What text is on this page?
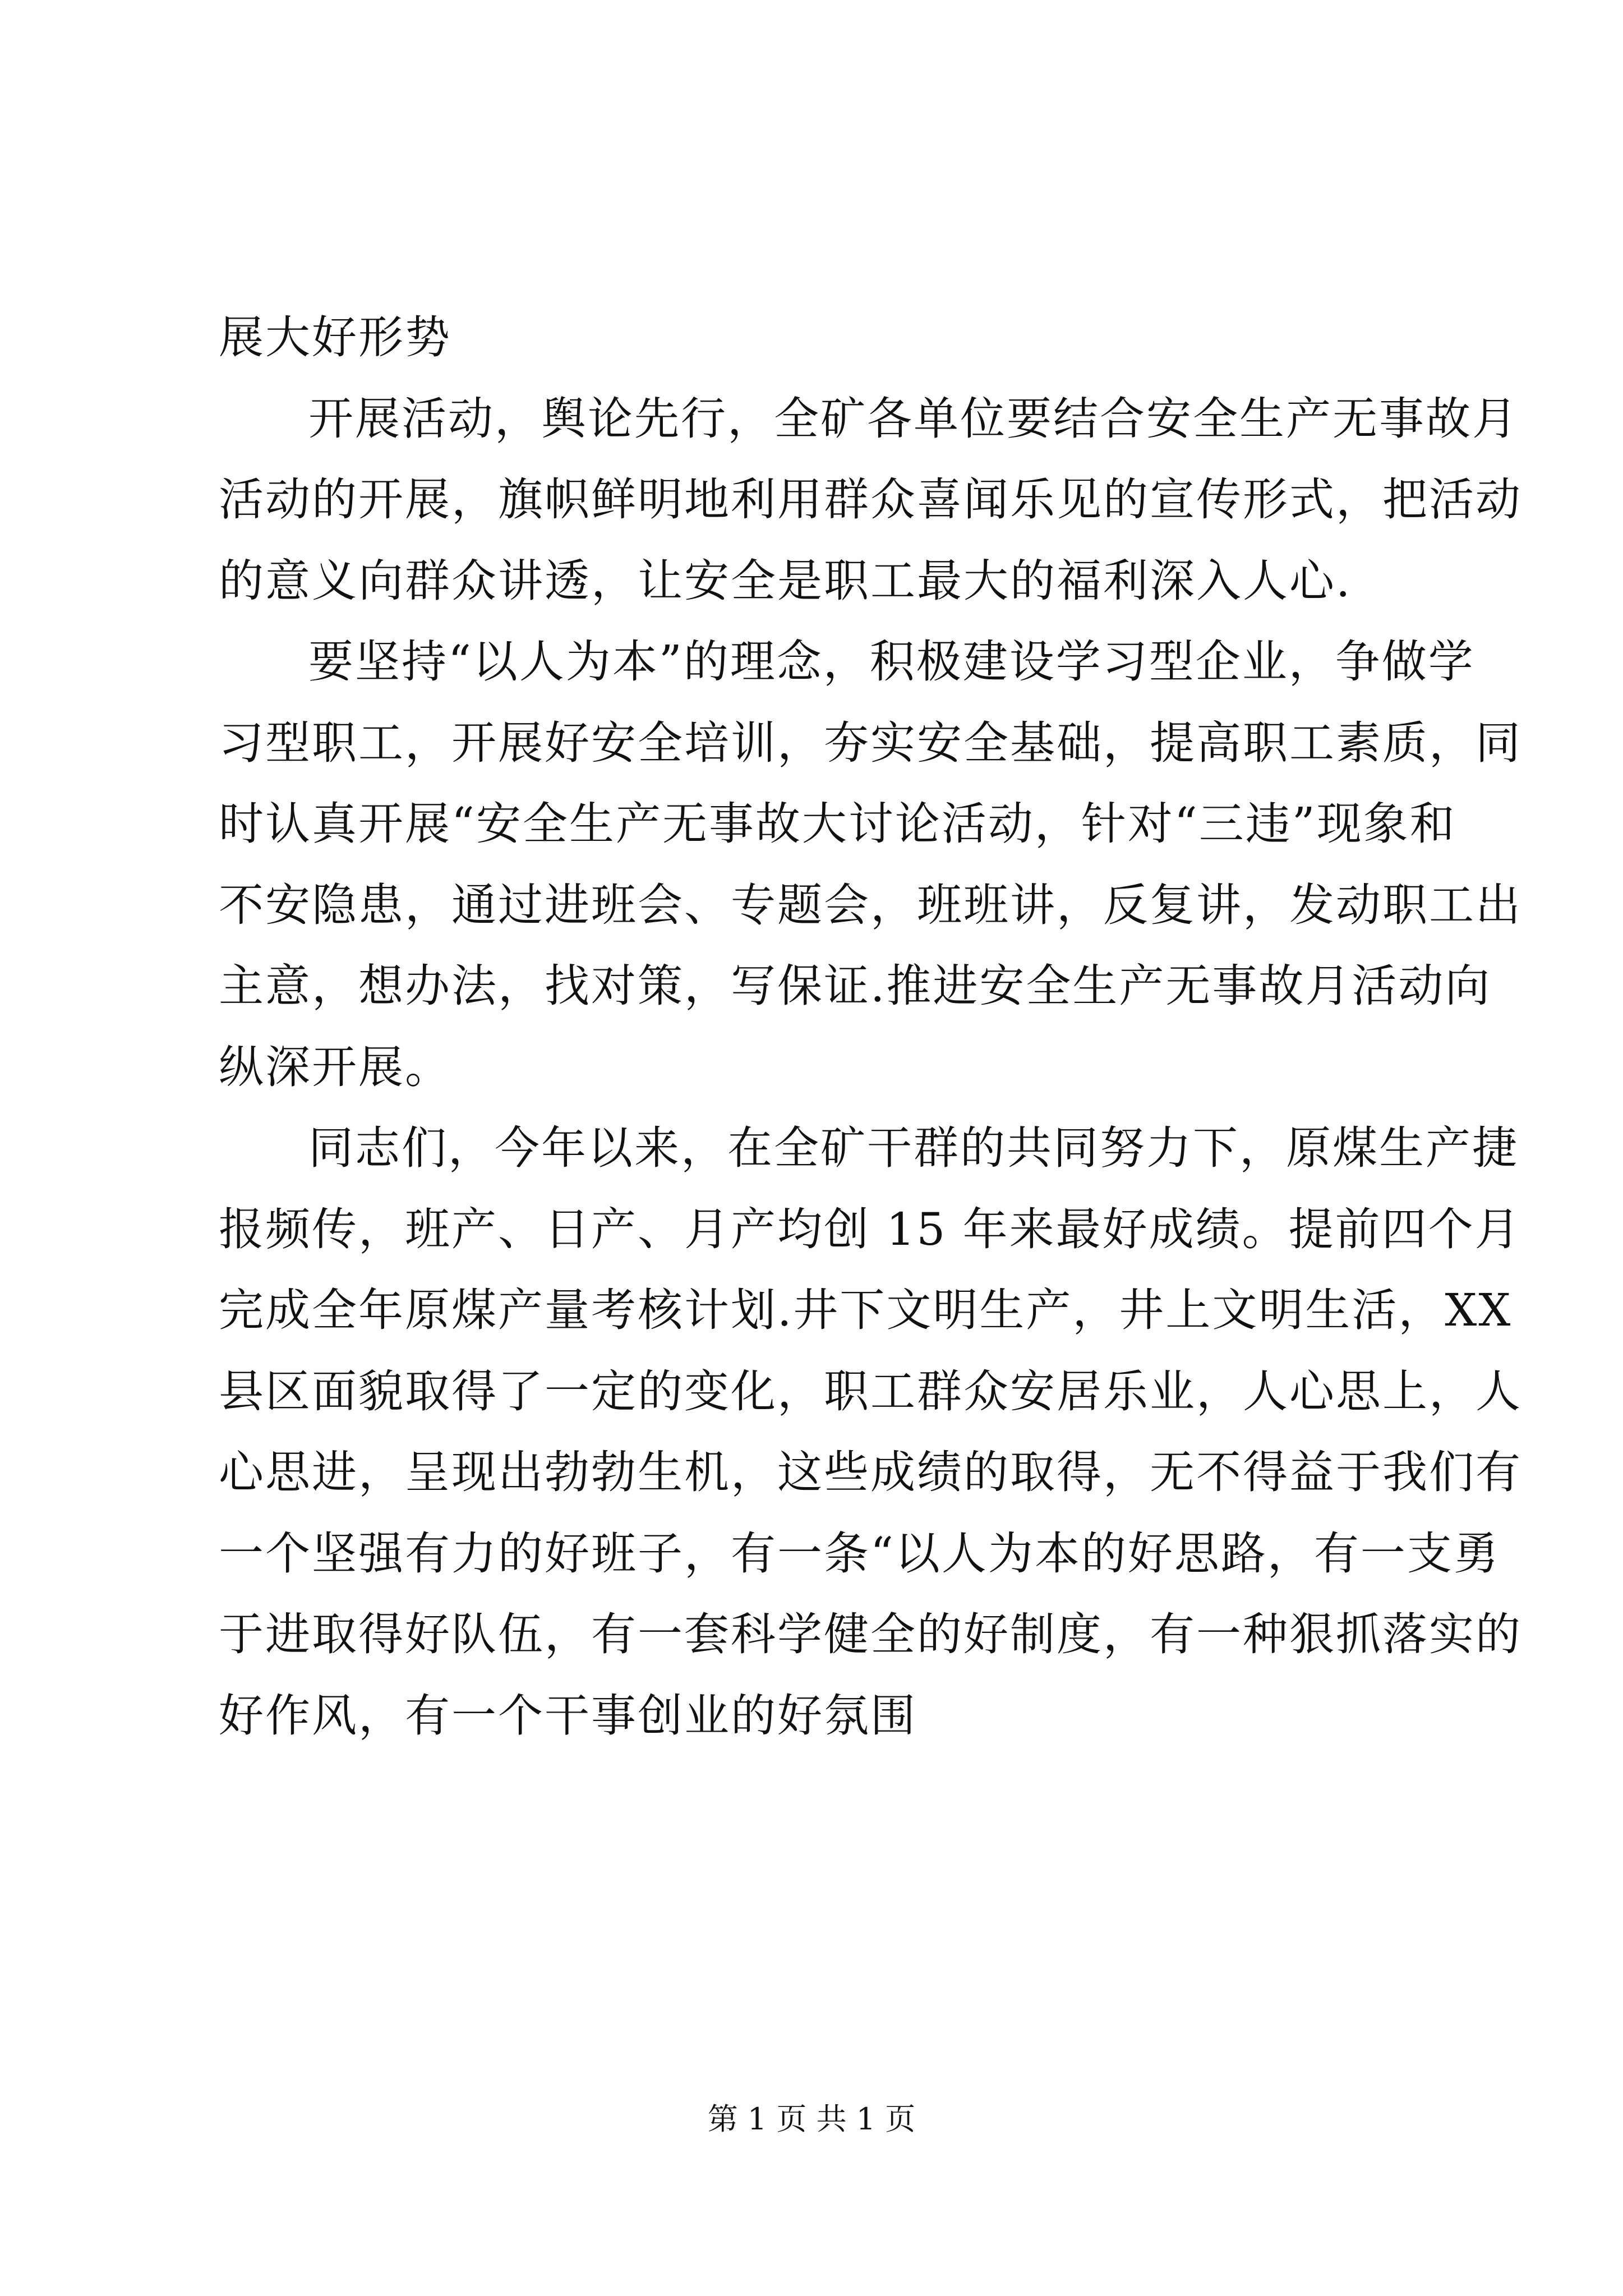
展大好形势
开展活动，舆论先行，全矿各单位要结合安全生产无事故月
活动的开展，旗帜鲜明地利用群众喜闻乐见的宣传形式，把活动
的意义向群众讲透，让安全是职工最大的福利深入人心.
要坚持“以人为本”的理念，积极建设学习型企业，争做学
习型职工，开展好安全培训，夯实安全基础，提高职工素质，同
时认真开展“安全生产无事故大讨论活动，针对“三违”现象和
不安隐患，通过进班会、专题会，班班讲，反复讲，发动职工出
主意，想办法，找对策，写保证.推进安全生产无事故月活动向
纵深开展。
同志们，今年以来，在全矿干群的共同努力下，原煤生产捷
报频传，班产、日产、月产均创 15 年来最好成绩。提前四个月
完成全年原煤产量考核计划.井下文明生产，井上文明生活，XX
县区面貌取得了一定的变化，职工群众安居乐业，人心思上，人
心思进，呈现出勃勃生机，这些成绩的取得，无不得益于我们有
一个坚强有力的好班子，有一条“以人为本的好思路，有一支勇
于进取得好队伍，有一套科学健全的好制度，有一种狠抓落实的
好作风，有一个干事创业的好氛围
第 1 页 共 1 页
